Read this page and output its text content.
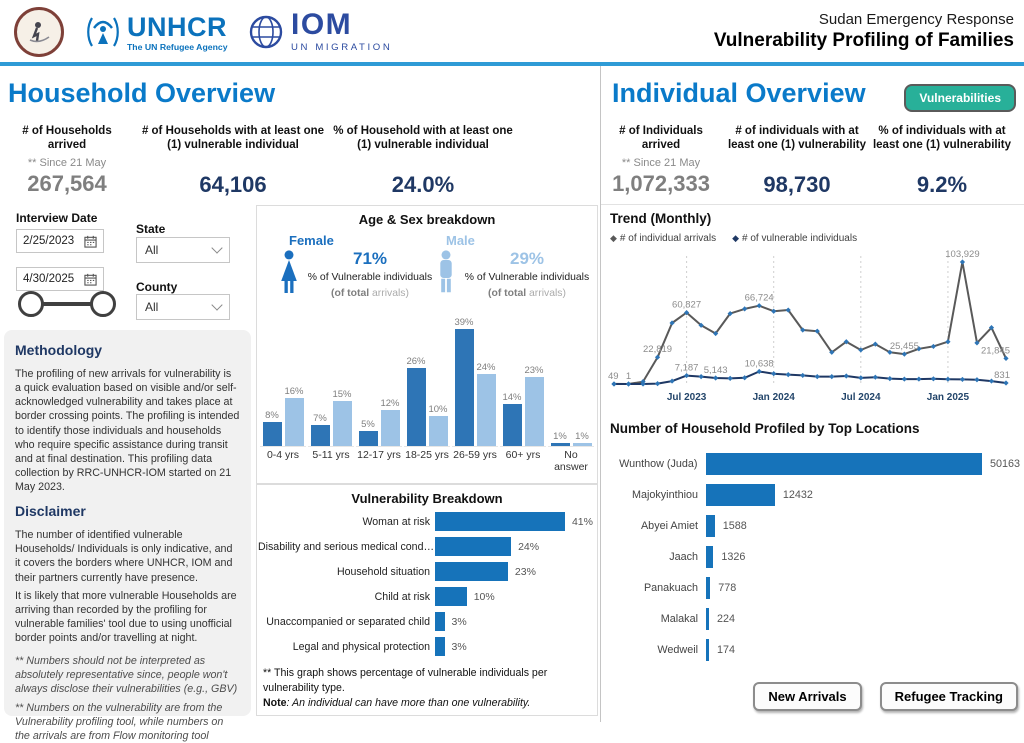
UNHCR
The UN Refugee Agency
IOM
UN MIGRATION
Sudan Emergency Response
Vulnerability Profiling of Families
Household Overview
# of Households arrived
** Since 21 May
267,564
# of Households with at least one (1) vulnerable individual
64,106
% of Household with at least one (1) vulnerable individual
24.0%
Interview Date
2/25/2023
4/30/2025
State
All
County
All
Methodology

The profiling of new arrivals for vulnerability is a quick evaluation based on visible and/or self-acknowledged vulnerability and takes place at border crossing points. The profiling is intended to identify those individuals and households who require specific assistance during transit and at final destination. This profiling data collection by RRC-UNHCR-IOM started on 21 May 2023.

Disclaimer

The number of identified vulnerable Households/ Individuals is only indicative, and it covers the borders where UNHCR, IOM and their partners currently have presence.

It is likely that more vulnerable Households are arriving than recorded by the profiling for vulnerable families' tool due to using unofficial border points and/or travelling at night.

** Numbers should not be interpreted as absolutely representative since, people won't always disclose their vulnerabilities (e.g., GBV)

** Numbers on the vulnerability are from the Vulnerability profiling tool, while numbers on the arrivals are from Flow monitoring tool

Age & Sex breakdown
Female
71%
% of Vulnerable individuals
(of total arrivals)
Male
29%
% of Vulnerable individuals
(of total arrivals)
8%
16%
0-4 yrs
7%
15%
5-11 yrs
5%
12%
12-17 yrs
26%
10%
18-25 yrs
39%
24%
26-59 yrs
14%
23%
60+ yrs
1% 1%
No answer
Vulnerability Breakdown
Woman at risk	41%
Disability and serious medical cond…	24%
Household situation	23%
Child at risk	10%
Unaccompanied or separated child	3%
Legal and physical protection	3%
** This graph shows percentage of vulnerable individuals per vulnerability type.
Note: An individual can have more than one vulnerability.
Individual Overview	Vulnerabilities
# of Individuals arrived
** Since 21 May
1,072,333
# of individuals with at least one (1) vulnerability
98,730
% of individuals with at least one (1) vulnerability
9.2%
Trend (Monthly)
◆ # of individual arrivals ◆ # of vulnerable individuals
Jul 2023	Jan 2024	Jul 2024	Jan 2025
49 1
22,819
60,827
66,724
25,455
103,929
21,845
7,187 5,143
10,638
831
Number of Household Profiled by Top Locations
Wunthow (Juda)	50163
Majokyinthiou	12432
Abyei Amiet	1588
Jaach	1326
Panakuach	778
Malakal	224
Wedweil	174
New Arrivals	Refugee Tracking
